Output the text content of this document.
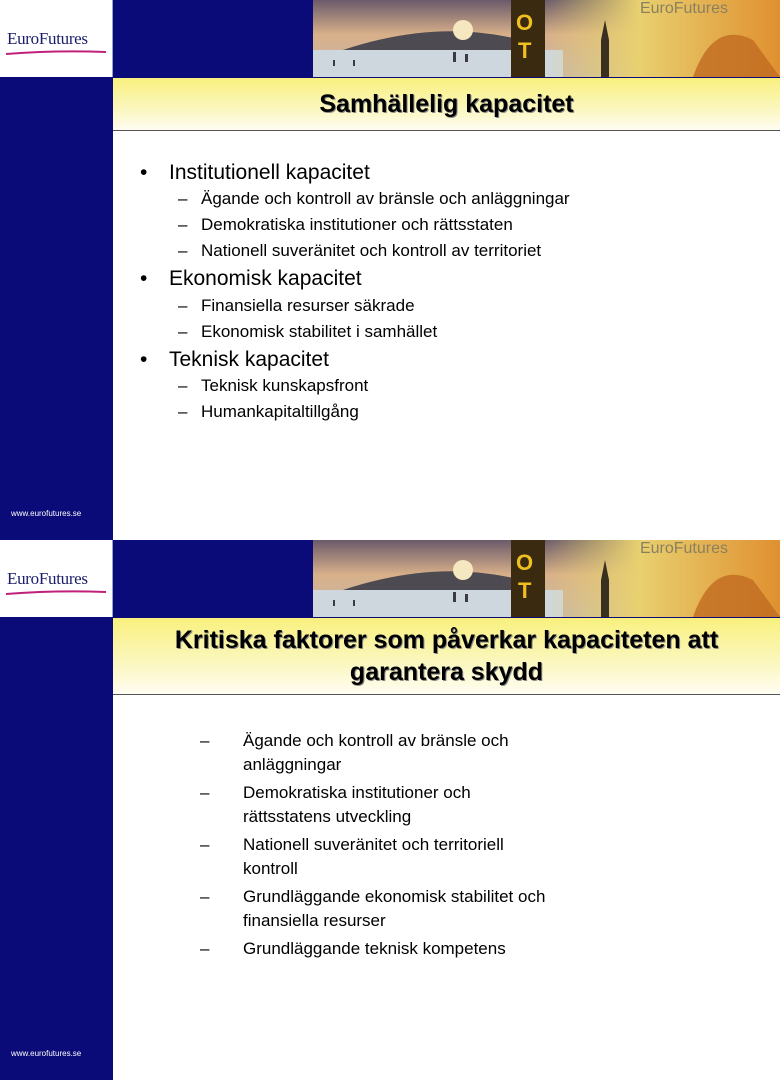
EuroFutures
O
T
EuroFutures
Samhällelig kapacitet
•	Institutionell kapacitet
– Ägande och kontroll av bränsle och anläggningar
– Demokratiska institutioner och rättsstaten
– Nationell suveränitet och kontroll av territoriet
•	Ekonomisk kapacitet
– Finansiella resurser säkrade
– Ekonomisk stabilitet i samhället
•	Teknisk kapacitet
– Teknisk kunskapsfront
– Humankapitaltillgång
www.eurofutures.se
EuroFutures
O
T
EuroFutures
Kritiska faktorer som påverkar kapaciteten att
garantera skydd
–	Ägande och kontroll av bränsle och
anläggningar
–	Demokratiska institutioner och
rättsstatens utveckling
–	Nationell suveränitet och territoriell
kontroll
–	Grundläggande ekonomisk stabilitet och
finansiella resurser
–	Grundläggande teknisk kompetens
www.eurofutures.se
